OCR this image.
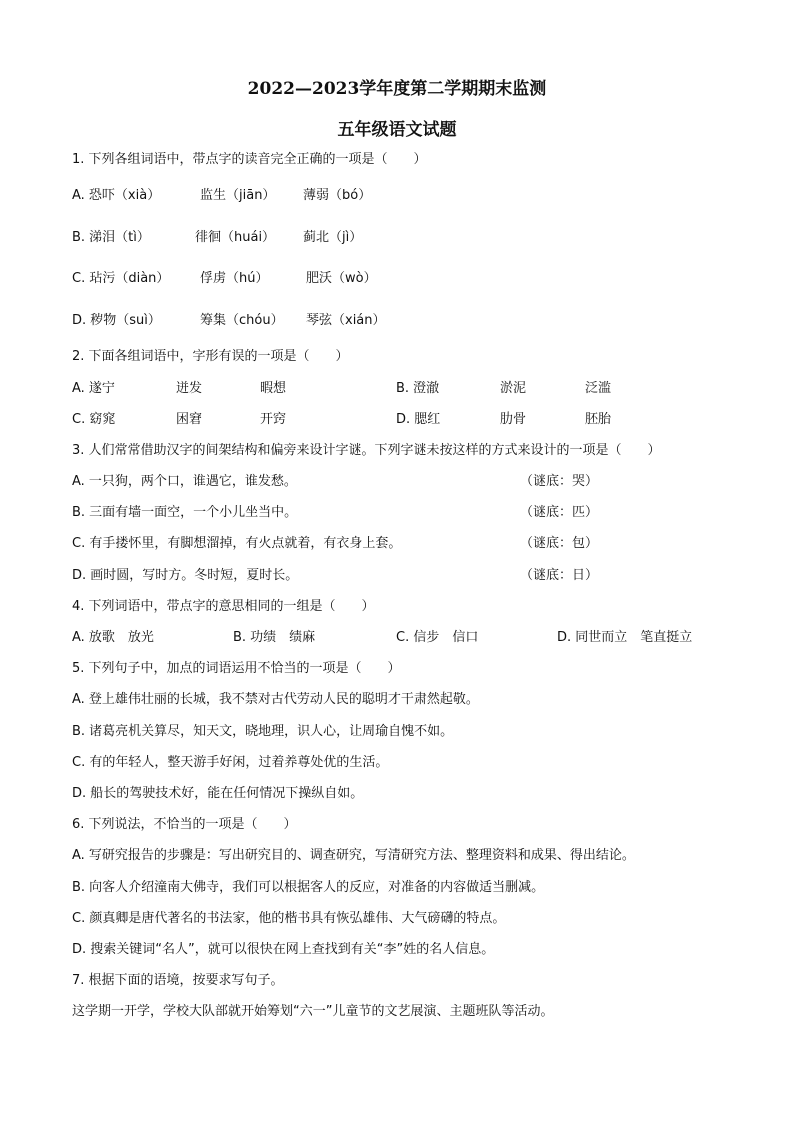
2022—2023学年度第二学期期末监测
五年级语文试题
1. 下列各组词语中，带点字的读音完全正确的一项是（　　）
A. 恐吓（xià）	监生（jiān） 薄弱（bó）
B. 涕泪（tì）	徘徊（huái） 蓟北（jì）
C. 玷污（diàn） 俘虏（hú）	肥沃（wò）
D. 秽物（suì）	筹集（chóu） 琴弦（xián）
2. 下面各组词语中，字形有误的一项是（　　）
A. 遂宁	迸发	暇想	B. 澄澈	淤泥	泛滥
C. 窈窕	困窘	开窍	D. 腮红	肋骨	胚胎
3. 人们常常借助汉字的间架结构和偏旁来设计字谜。下列字谜未按这样的方式来设计的一项是（　　）
A. 一只狗，两个口，谁遇它，谁发愁。	（谜底：哭）
B. 三面有墙一面空，一个小儿坐当中。	（谜底：匹）
C. 有手搂怀里，有脚想溜掉，有火点就着，有衣身上套。	（谜底：包）
D. 画时圆，写时方。冬时短，夏时长。	（谜底：日）
4. 下列词语中，带点字的意思相同的一组是（　　）
A. 放歌　放光	B. 功绩　绩麻	C. 信步　信口	D. 同世而立　笔直挺立
5. 下列句子中，加点的词语运用不恰当的一项是（　　）
A. 登上雄伟壮丽的长城，我不禁对古代劳动人民的聪明才干肃然起敬。
B. 诸葛亮机关算尽，知天文，晓地理，识人心，让周瑜自愧不如。
C. 有的年轻人，整天游手好闲，过着养尊处优的生活。
D. 船长的驾驶技术好，能在任何情况下操纵自如。
6. 下列说法，不恰当的一项是（　　）
A. 写研究报告的步骤是：写出研究目的、调查研究，写清研究方法、整理资料和成果、得出结论。
B. 向客人介绍潼南大佛寺，我们可以根据客人的反应，对准备的内容做适当删减。
C. 颜真卿是唐代著名的书法家，他的楷书具有恢弘雄伟、大气磅礴的特点。
D. 搜索关键词“名人”，就可以很快在网上查找到有关“李”姓的名人信息。
7. 根据下面的语境，按要求写句子。
这学期一开学，学校大队部就开始筹划“六一”儿童节的文艺展演、主题班队等活动。
